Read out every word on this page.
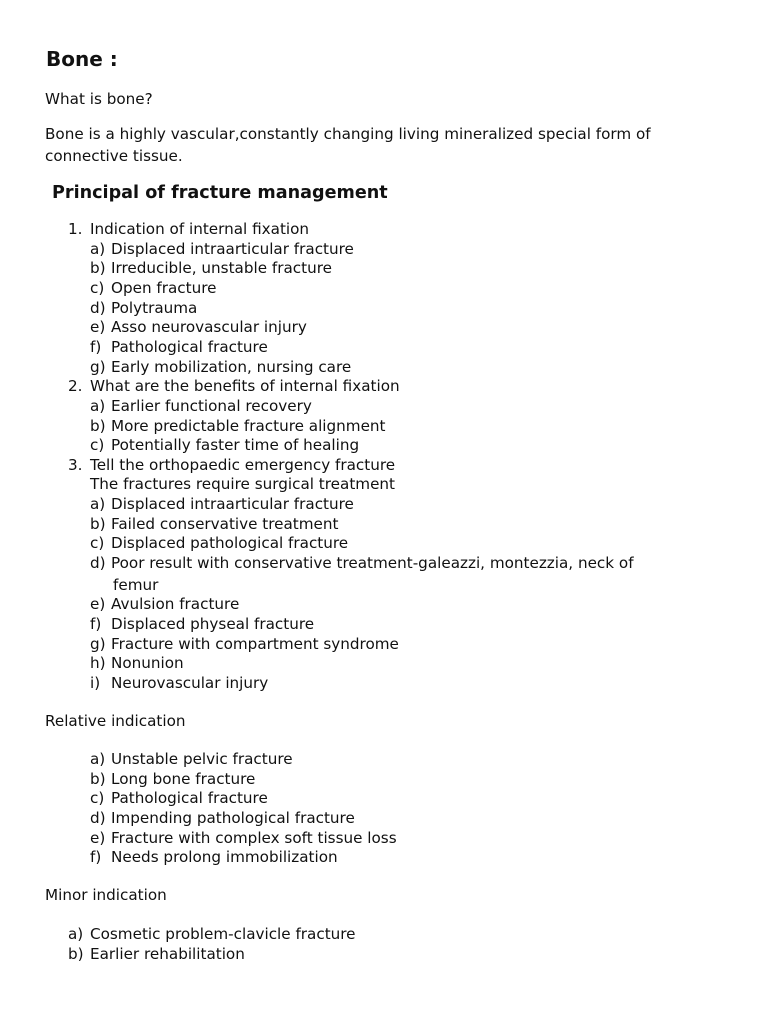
Bone :

What is bone?

Bone is a highly vascular,constantly changing living mineralized special form of

connective tissue.

Principal of fracture management
1. Indication of internal fixation
a) Displaced intraarticular fracture
b) Irreducible, unstable fracture
c) Open fracture
d) Polytrauma
e) Asso neurovascular injury
f) Pathological fracture
g) Early mobilization, nursing care
2. What are the benefits of internal fixation
a) Earlier functional recovery
b) More predictable fracture alignment
c) Potentially faster time of healing
3. Tell the orthopaedic emergency fracture
The fractures require surgical treatment
a) Displaced intraarticular fracture
b) Failed conservative treatment
c) Displaced pathological fracture
d) Poor result with conservative treatment-galeazzi, montezzia, neck of
femur
e) Avulsion fracture
f) Displaced physeal fracture
g) Fracture with compartment syndrome
h) Nonunion
i) Neurovascular injury
Relative indication
a) Unstable pelvic fracture
b) Long bone fracture
c) Pathological fracture
d) Impending pathological fracture
e) Fracture with complex soft tissue loss
f) Needs prolong immobilization
Minor indication
a) Cosmetic problem-clavicle fracture
b) Earlier rehabilitation
